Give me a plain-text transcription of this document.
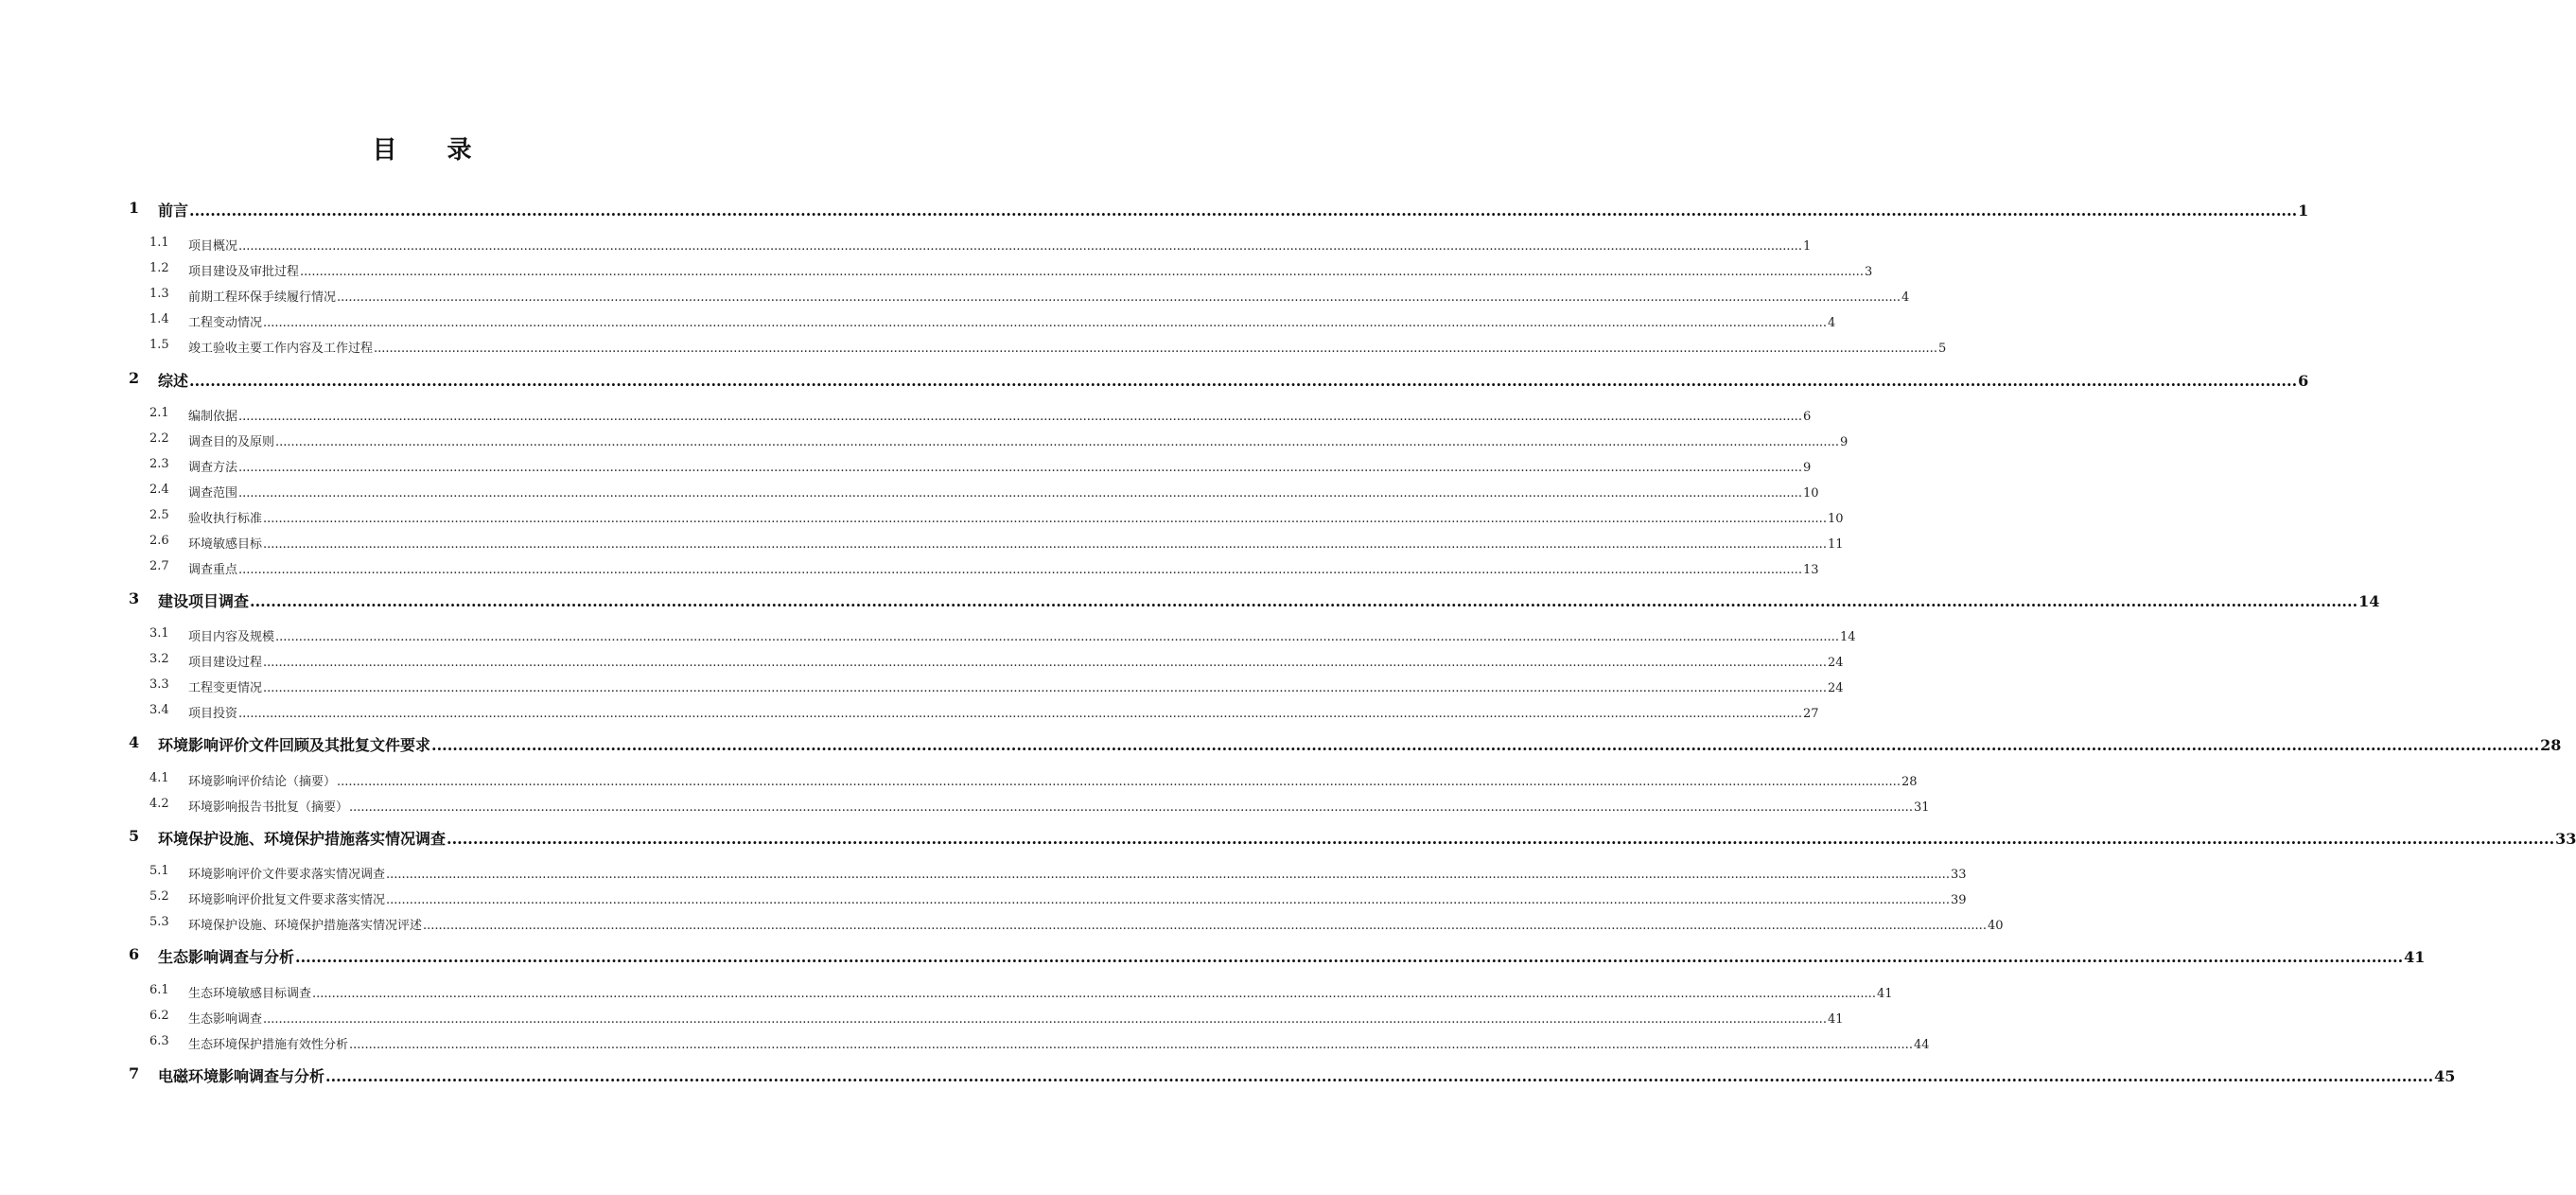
目 录
1 前言 ................................................................................................................................................................................................................................................................................................................................................................................................................ 1
1.1 项目概况 ................................................................................................................................................................................................................................................................................................................................................................................................................ 1
1.2 项目建设及审批过程 ................................................................................................................................................................................................................................................................................................................................................................................................................ 3
1.3 前期工程环保手续履行情况 ................................................................................................................................................................................................................................................................................................................................................................................................................ 4
1.4 工程变动情况 ................................................................................................................................................................................................................................................................................................................................................................................................................ 4
1.5 竣工验收主要工作内容及工作过程 ................................................................................................................................................................................................................................................................................................................................................................................................................ 5
2 综述 ................................................................................................................................................................................................................................................................................................................................................................................................................ 6
2.1 编制依据 ................................................................................................................................................................................................................................................................................................................................................................................................................ 6
2.2 调查目的及原则 ................................................................................................................................................................................................................................................................................................................................................................................................................ 9
2.3 调查方法 ................................................................................................................................................................................................................................................................................................................................................................................................................ 9
2.4 调查范围 ................................................................................................................................................................................................................................................................................................................................................................................................................ 10
2.5 验收执行标准 ................................................................................................................................................................................................................................................................................................................................................................................................................ 10
2.6 环境敏感目标 ................................................................................................................................................................................................................................................................................................................................................................................................................ 11
2.7 调查重点 ................................................................................................................................................................................................................................................................................................................................................................................................................ 13
3 建设项目调查 ................................................................................................................................................................................................................................................................................................................................................................................................................ 14
3.1 项目内容及规模 ................................................................................................................................................................................................................................................................................................................................................................................................................ 14
3.2 项目建设过程 ................................................................................................................................................................................................................................................................................................................................................................................................................ 24
3.3 工程变更情况 ................................................................................................................................................................................................................................................................................................................................................................................................................ 24
3.4 项目投资 ................................................................................................................................................................................................................................................................................................................................................................................................................ 27
4 环境影响评价文件回顾及其批复文件要求 ................................................................................................................................................................................................................................................................................................................................................................................................................ 28
4.1 环境影响评价结论（摘要） ................................................................................................................................................................................................................................................................................................................................................................................................................ 28
4.2 环境影响报告书批复（摘要） ................................................................................................................................................................................................................................................................................................................................................................................................................ 31
5 环境保护设施、环境保护措施落实情况调查 ................................................................................................................................................................................................................................................................................................................................................................................................................ 33
5.1 环境影响评价文件要求落实情况调查 ................................................................................................................................................................................................................................................................................................................................................................................................................ 33
5.2 环境影响评价批复文件要求落实情况 ................................................................................................................................................................................................................................................................................................................................................................................................................ 39
5.3 环境保护设施、环境保护措施落实情况评述 ................................................................................................................................................................................................................................................................................................................................................................................................................ 40
6 生态影响调查与分析 ................................................................................................................................................................................................................................................................................................................................................................................................................ 41
6.1 生态环境敏感目标调查 ................................................................................................................................................................................................................................................................................................................................................................................................................ 41
6.2 生态影响调查 ................................................................................................................................................................................................................................................................................................................................................................................................................ 41
6.3 生态环境保护措施有效性分析 ................................................................................................................................................................................................................................................................................................................................................................................................................ 44
7 电磁环境影响调查与分析 ................................................................................................................................................................................................................................................................................................................................................................................................................ 45
